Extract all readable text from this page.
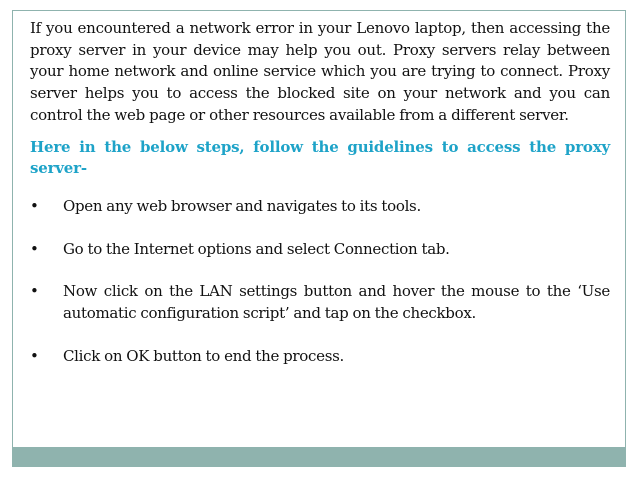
If you encountered a network error in your Lenovo laptop, then accessing the proxy server in your device may help you out. Proxy servers relay between your home network and online service which you are trying to connect. Proxy server helps you to access the blocked site on your network and you can control the web page or other resources available from a different server.

Here in the below steps, follow the guidelines to access the proxy server-

• Open any web browser and navigates to its tools.
• Go to the Internet options and select Connection tab.
• Now click on the LAN settings button and hover the mouse to the ‘Use automatic configuration script’ and tap on the checkbox.
• Click on OK button to end the process.
